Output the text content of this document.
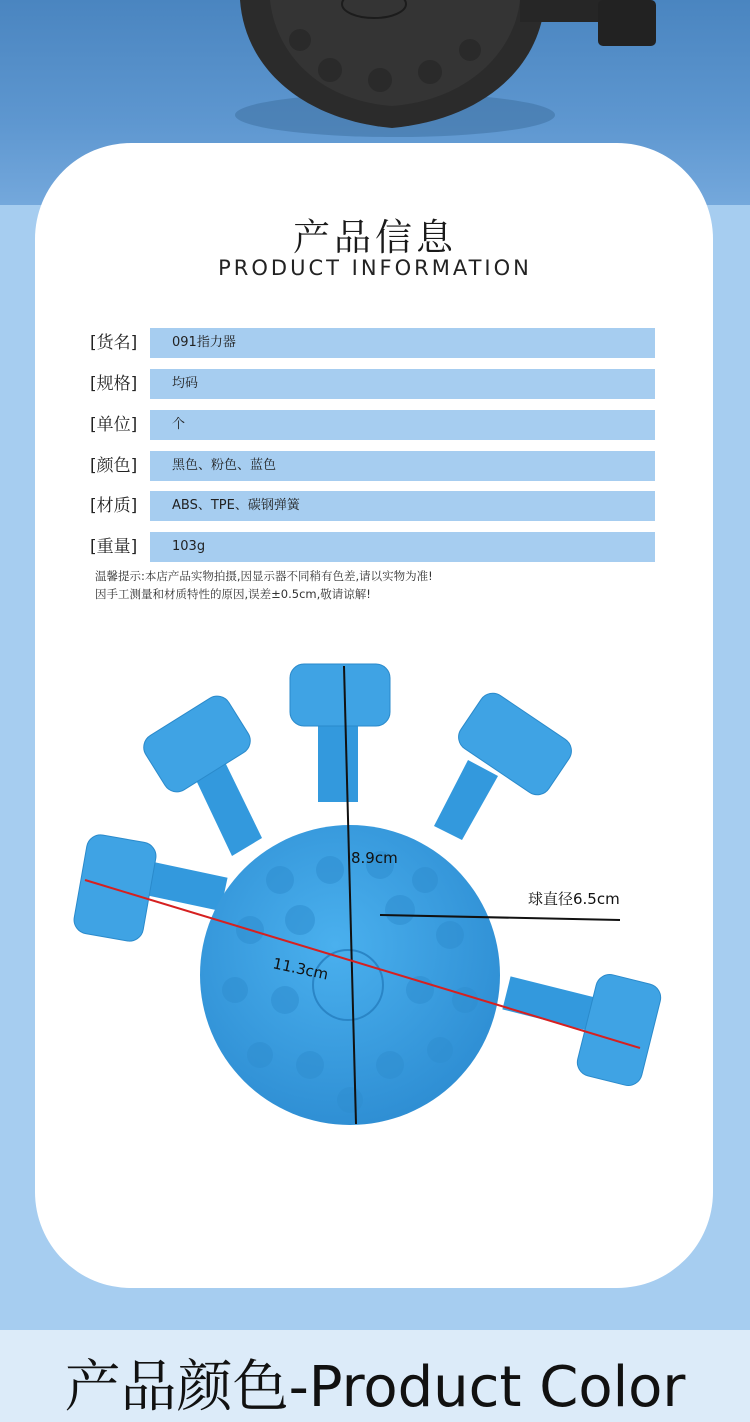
产品信息
PRODUCT INFORMATION
[货名]	091指力器
[规格]	均码
[单位]	个
[颜色]	黑色、粉色、蓝色
[材质]	ABS、TPE、碳钢弹簧
[重量]	103g
温馨提示:本店产品实物拍摄,因显示器不同稍有色差,请以实物为准!
因手工测量和材质特性的原因,误差±0.5cm,敬请谅解!
8.9cm
11.3cm
球直径6.5cm
产品颜色-Product Color
